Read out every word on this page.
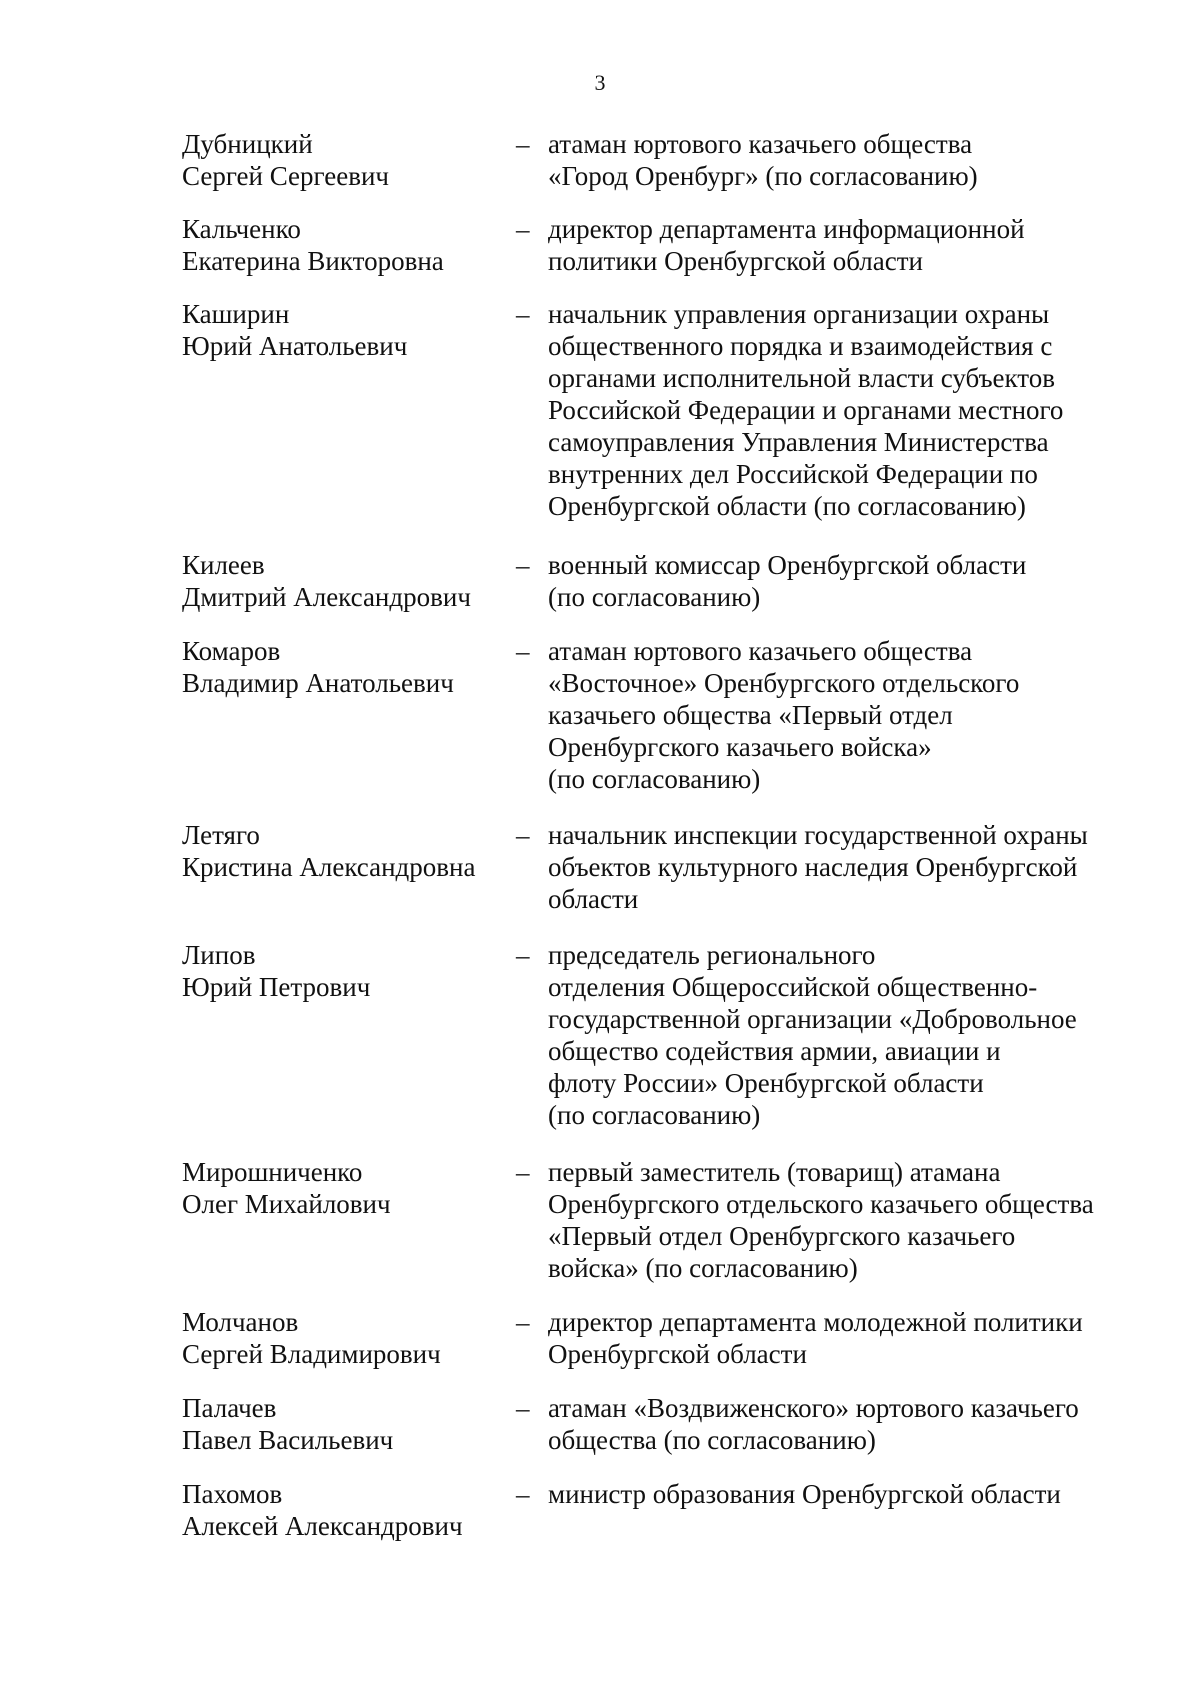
3
Дубницкий
Сергей Сергеевич
– атаман юртового казачьего общества
«Город Оренбург» (по согласованию)
Кальченко
Екатерина Викторовна
– директор департамента информационной
политики Оренбургской области
Каширин
Юрий Анатольевич
– начальник управления организации охраны
общественного порядка и взаимодействия с
органами исполнительной власти субъектов
Российской Федерации и органами местного
самоуправления Управления Министерства
внутренних дел Российской Федерации по
Оренбургской области (по согласованию)
Килеев
Дмитрий Александрович
– военный комиссар Оренбургской области
(по согласованию)
Комаров
Владимир Анатольевич
– атаман юртового казачьего общества
«Восточное» Оренбургского отдельского
казачьего общества «Первый отдел
Оренбургского казачьего войска»
(по согласованию)
Летяго
Кристина Александровна
– начальник инспекции государственной охраны
объектов культурного наследия Оренбургской
области
Липов
Юрий Петрович
– председатель регионального
отделения Общероссийской общественно-
государственной организации «Добровольное
общество содействия армии, авиации и
флоту России» Оренбургской области
(по согласованию)
Мирошниченко
Олег Михайлович
– первый заместитель (товарищ) атамана
Оренбургского отдельского казачьего общества
«Первый отдел Оренбургского казачьего
войска» (по согласованию)
Молчанов
Сергей Владимирович
– директор департамента молодежной политики
Оренбургской области
Палачев
Павел Васильевич
– атаман «Воздвиженского» юртового казачьего
общества (по согласованию)
Пахомов
Алексей Александрович
– министр образования Оренбургской области
